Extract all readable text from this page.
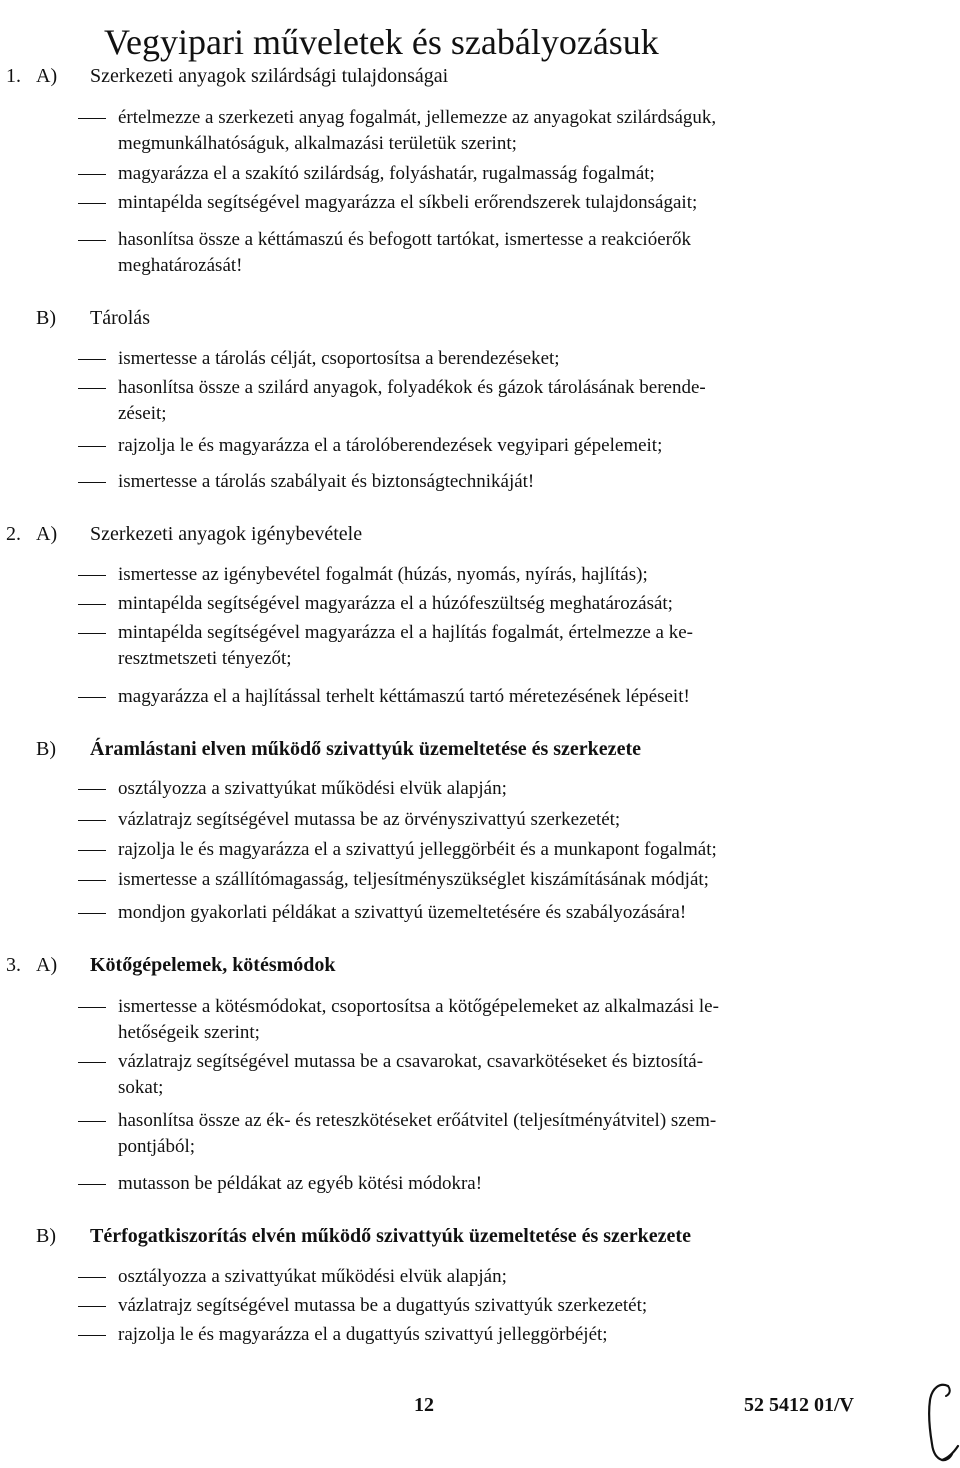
Vegyipari műveletek és szabályozásuk
1. A) Szerkezeti anyagok szilárdsági tulajdonságai
értelmezze a szerkezeti anyag fogalmát, jellemezze az anyagokat szilárdságuk,
megmunkálhatóságuk, alkalmazási területük szerint;
magyarázza el a szakító szilárdság, folyáshatár, rugalmasság fogalmát;
mintapélda segítségével magyarázza el síkbeli erőrendszerek tulajdonságait;
hasonlítsa össze a kéttámaszú és befogott tartókat, ismertesse a reakcióerők
meghatározását!
B) Tárolás
ismertesse a tárolás célját, csoportosítsa a berendezéseket;
hasonlítsa össze a szilárd anyagok, folyadékok és gázok tárolásának berende-
zéseit;
rajzolja le és magyarázza el a tárolóberendezések vegyipari gépelemeit;
ismertesse a tárolás szabályait és biztonságtechnikáját!
2. A) Szerkezeti anyagok igénybevétele
ismertesse az igénybevétel fogalmát (húzás, nyomás, nyírás, hajlítás);
mintapélda segítségével magyarázza el a húzófeszültség meghatározását;
mintapélda segítségével magyarázza el a hajlítás fogalmát, értelmezze a ke-
resztmetszeti tényezőt;
magyarázza el a hajlítással terhelt kéttámaszú tartó méretezésének lépéseit!
B) Áramlástani elven működő szivattyúk üzemeltetése és szerkezete
osztályozza a szivattyúkat működési elvük alapján;
vázlatrajz segítségével mutassa be az örvényszivattyú szerkezetét;
rajzolja le és magyarázza el a szivattyú jelleggörbéit és a munkapont fogalmát;
ismertesse a szállítómagasság, teljesítményszükséglet kiszámításának módját;
mondjon gyakorlati példákat a szivattyú üzemeltetésére és szabályozására!
3. A) Kötőgépelemek, kötésmódok
ismertesse a kötésmódokat, csoportosítsa a kötőgépelemeket az alkalmazási le-
hetőségeik szerint;
vázlatrajz segítségével mutassa be a csavarokat, csavarkötéseket és biztosítá-
sokat;
hasonlítsa össze az ék- és reteszkötéseket erőátvitel (teljesítményátvitel) szem-
pontjából;
mutasson be példákat az egyéb kötési módokra!
B) Térfogatkiszorítás elvén működő szivattyúk üzemeltetése és szerkezete
osztályozza a szivattyúkat működési elvük alapján;
vázlatrajz segítségével mutassa be a dugattyús szivattyúk szerkezetét;
rajzolja le és magyarázza el a dugattyús szivattyú jelleggörbéjét;
12	52 5412 01/V
